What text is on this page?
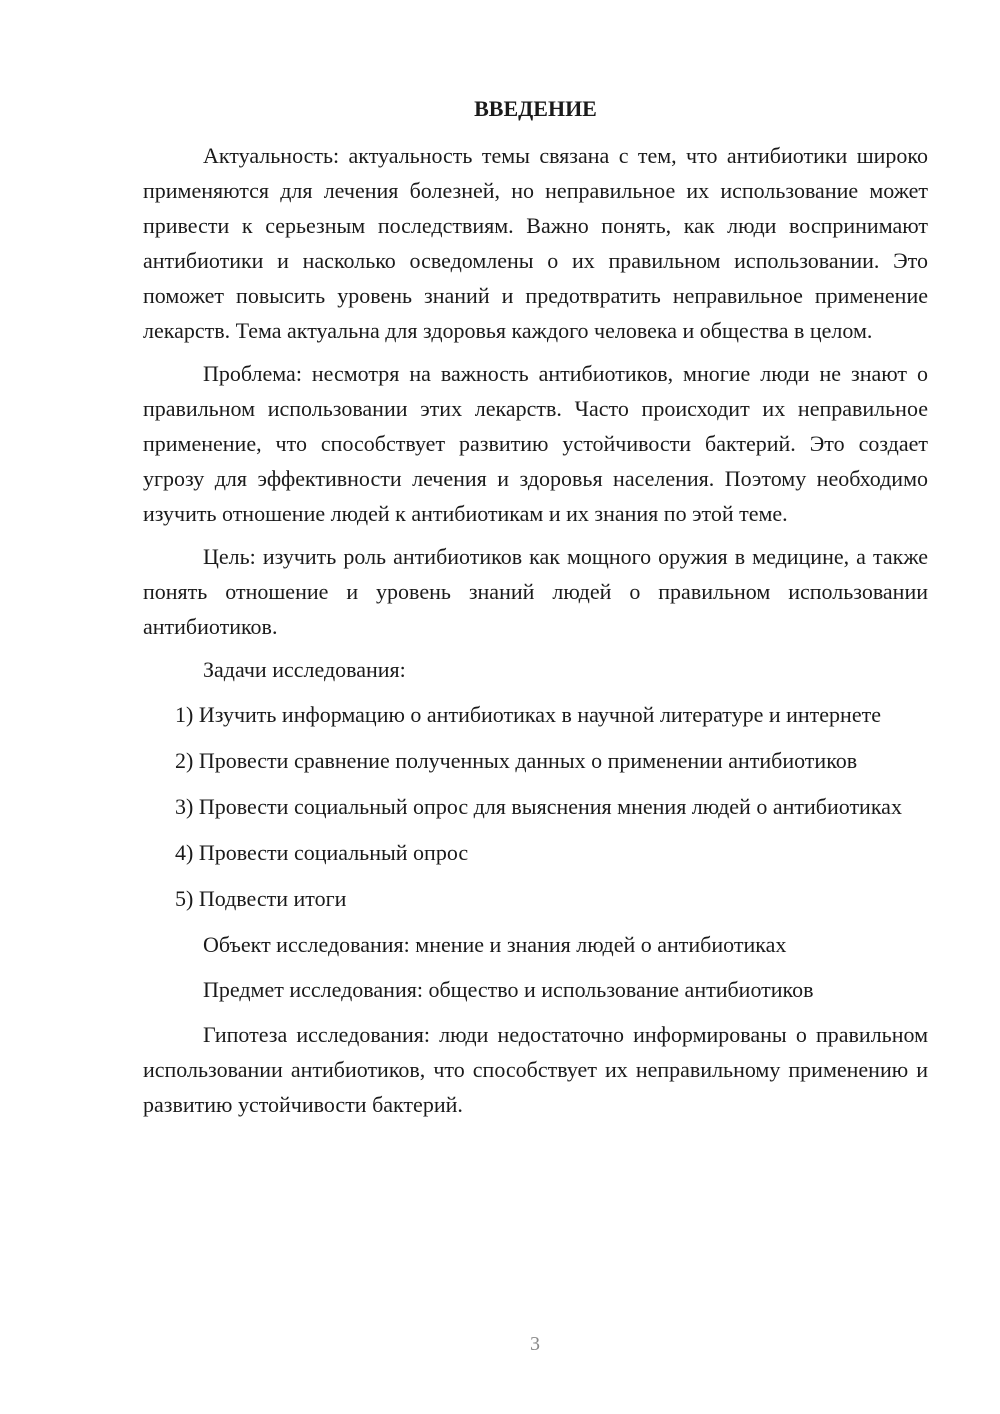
ВВЕДЕНИЕ

Актуальность: актуальность темы связана с тем, что антибиотики широко применяются для лечения болезней, но неправильное их использование может привести к серьезным последствиям. Важно понять, как люди воспринимают антибиотики и насколько осведомлены о их правильном использовании. Это поможет повысить уровень знаний и предотвратить неправильное применение лекарств. Тема актуальна для здоровья каждого человека и общества в целом.

Проблема: несмотря на важность антибиотиков, многие люди не знают о правильном использовании этих лекарств. Часто происходит их неправильное применение, что способствует развитию устойчивости бактерий. Это создает угрозу для эффективности лечения и здоровья населения. Поэтому необходимо изучить отношение людей к антибиотикам и их знания по этой теме.

Цель: изучить роль антибиотиков как мощного оружия в медицине, а также понять отношение и уровень знаний людей о правильном использовании антибиотиков.

Задачи исследования:

1) Изучить информацию о антибиотиках в научной литературе и интернете

2) Провести сравнение полученных данных о применении антибиотиков

3) Провести социальный опрос для выяснения мнения людей о антибиотиках

4) Провести социальный опрос

5) Подвести итоги

Объект исследования: мнение и знания людей о антибиотиках

Предмет исследования: общество и использование антибиотиков

Гипотеза исследования: люди недостаточно информированы о правильном использовании антибиотиков, что способствует их неправильному применению и развитию устойчивости бактерий.

3
